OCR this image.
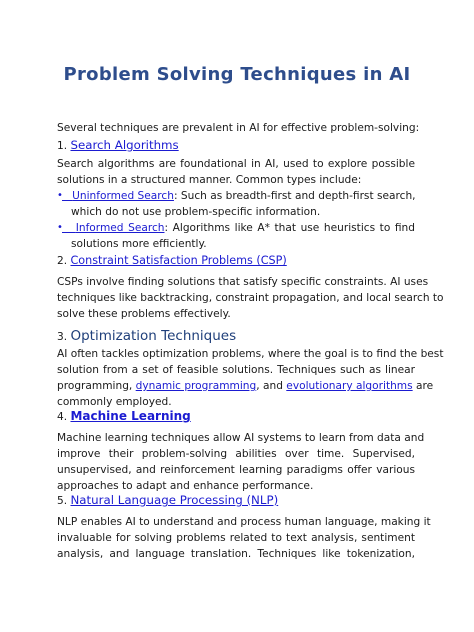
Problem Solving Techniques in AI
Several techniques are prevalent in AI for effective problem-solving:
1. Search Algorithms
Search algorithms are foundational in AI, used to explore possible
solutions in a structured manner. Common types include:
• Uninformed Search: Such as breadth-first and depth-first search,
which do not use problem-specific information.
•	Informed Search: Algorithms like A* that use heuristics to find
solutions more efficiently.
2. Constraint Satisfaction Problems (CSP)
CSPs involve finding solutions that satisfy specific constraints. AI uses
techniques like backtracking, constraint propagation, and local search to
solve these problems effectively.
3. Optimization Techniques
AI often tackles optimization problems, where the goal is to find the best
solution from a set of feasible solutions. Techniques such as linear
programming, dynamic programming, and evolutionary algorithms are
commonly employed.
4. Machine Learning
Machine learning techniques allow AI systems to learn from data and
improve their problem-solving abilities over time. Supervised,
unsupervised, and reinforcement learning paradigms offer various
approaches to adapt and enhance performance.
5. Natural Language Processing (NLP)
NLP enables AI to understand and process human language, making it
invaluable for solving problems related to text analysis, sentiment
analysis, and language translation. Techniques like tokenization,
